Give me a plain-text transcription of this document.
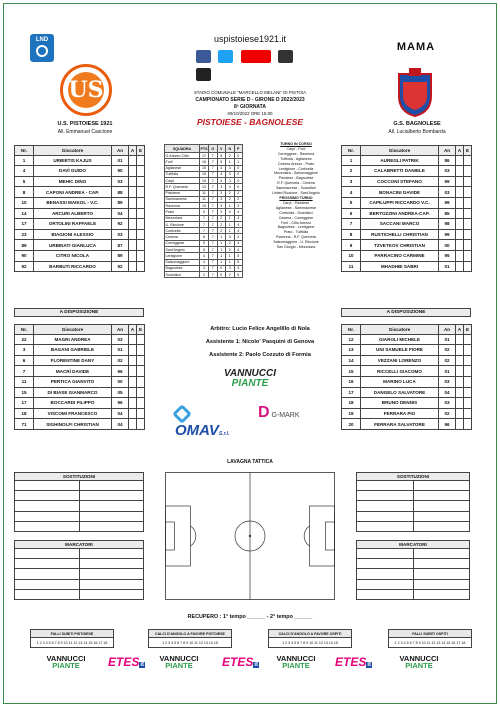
LND
US
U.S. PISTOIESE 1921
All. Emmanuel Cascione
uspistoiese1921.it

STADIO COMUNALE "MARCELLO MELANI" DI PISTOIA
CAMPIONATO SERIE D - GIRONE D 2022/2023
8ª GIORNATA
09/10/2022 ORE 15:00
PISTOIESE - BAGNOLESE
MAMA
G.S. BAGNOLESE
All. Lucialberto Bombarda
Nr.	Giocatore	An	A	E
1	URBIETIS KAJUS	01		
4	DAVÌ GUIDO	90		
5	MEHIC DINO	03		
8	CAPONI ANDREA - CAP.	88		
10	BENASSI MAIKOL - V.C.	89		
14	ARCURI ALBERTO	04		
17	ORTOLINI RAFFAELE	92		
23	BIAGIONI ALESSIO	03		
89	URBINATI GIANLUCA	87		
90	CITRO NICOLA	89		
92	BARBUTI RICCARDO	92		
Nr.	Giocatore	An	A	E
1	AUREGLI PATRIK	86		
2	CALABRETTI DANIELE	03		
3	COCCONI STEFANO	99		
4	BONACINI DAVIDE	03		
5	CAPILUPPI RICCARDO V.C.	99		
6	BERTOZZINI ANDREA-CAP.	85		
7	SACCANI MARCO	98		
8	RUSTICHELLI CHRISTIAN	99		
9	TZVETKOV CHRISTIAN	00		
10	PARRACINO CARMINE	95		
11	MHADHBI SABRI	01		
SQUADRA	PTS	G	V	N	P
G.Arezzo Citto	17	7	5	2	0
Forlì	16	7	5	1	1
Aglianese	15	7	4	3	0
Tuttfolla	15	7	4	3	0
Carpi	15	7	4	3	0
R.F. Querceta	13	7	3	4	0
Pistoiese	11	7	3	2	2
Sammaurese	11	7	3	2	2
Ravenna	10	7	3	1	3
Prato	9	7	3	0	4
Mezzolara	7	7	2	1	4
U. Riccione	7	7	2	1	4
Corticella	7	7	2	1	4
Cesena	6	7	1	3	3
Correggese	5	7	1	2	4
Sant'Angelo	5	7	1	2	4
Lentigione	4	7	1	1	5
Salsomaggiore	4	7	1	1	5
Bagnolese	3	7	0	3	4
Scandicci	2	7	0	2	5
TURNO IN CORSO
Carpi - Forlì
Correggese - Ravenna
Tuttfolla - Aglianese
Cesena Arezzo - Prato
Lentigione - Corticella
Mezzolara - Salsomaggiore
Pistoiese - Bagnolese
R.F. Querceta - Cesena
Sammaurese - Scandicci
United Riccione - Sant'Angelo
PROSSIMO TURNO
Carpi - Pistoiese
Aglianese - Sammaurese
Corticella - Scandicci
Cesena - Correggese
Forlì - Citto Arezzo
Bagnolese - Lentigione
Prato - Tuttfolla
Ravenna - R.F. Querceta
Salsomaggiore - U. Riccione
San Giorgio - Mezzolara
A DISPOSIZIONE	A DISPOSIZIONE
Nr.	Giocatore	An	A	E
22	MAGRI ANDREA	03		
3	BAGANI GABRIELE	01		
6	FLORENTINE DANY	02		
7	MACRÌ DAVIDE	96		
11	PERTICA GIANVITO	00		
15	DI BIASE GIANMARCO	05		
17	BOCCARDI FILIPPO	96		
18	VISCOMI FRANCESCO	04		
71	SIGHINOLFI CHRISTIAN	04		
Nr.	Giocatore	An	A	E
12	GIAROLI MICHELE	01		
13	UNI SAMUELE FIORE	02		
14	VEZZANI LORENZO	02		
15	RICCELLI GIACOMO	01		
16	MARINO LUCA	03		
17	DANGELO SALVATORE	04		
18	BRUNO DENNIS	03		
19	FERRARA PIO	02		
20	FERRARA SALVATORE	96		
Arbitro: Lucio Felice Angelillo di Nola
Assistente 1: Nicolo' Pasquini di Genova
Assistente 2: Paolo Cozzuto di Formia
VANNUCCI
PIANTE
OMAVS.r.l.
D G-MARK
LAVAGNA TATTICA
SOSTITUZIONI	

		SOSTITUZIONI	

MARCATORI	

		MARCATORI	

RECUPERO : 1° tempo ______ - 2° tempo ______
FALLI SUBITI PISTOIESE
1 2 3 4 5 6 7 8 9 10 11 12 13 14 15 16 17 18
CALCI D'ANGOLO A FAVORE PISTOIESE
1 2 3 4 5 6 7 8 9 10 11 12 13 14 15
CALCI D'ANGOLO A FAVORE OSPITI
1 2 3 4 5 6 7 8 9 10 11 12 13 14 15
FALLI SUBITI OSPITI
1 2 3 4 5 6 7 8 9 10 11 12 13 14 15 16 17 18
VANNUCCI
PIANTE	ETESit
VANNUCCI
PIANTE	ETESit
VANNUCCI
PIANTE	ETESit
VANNUCCI
PIANTE
